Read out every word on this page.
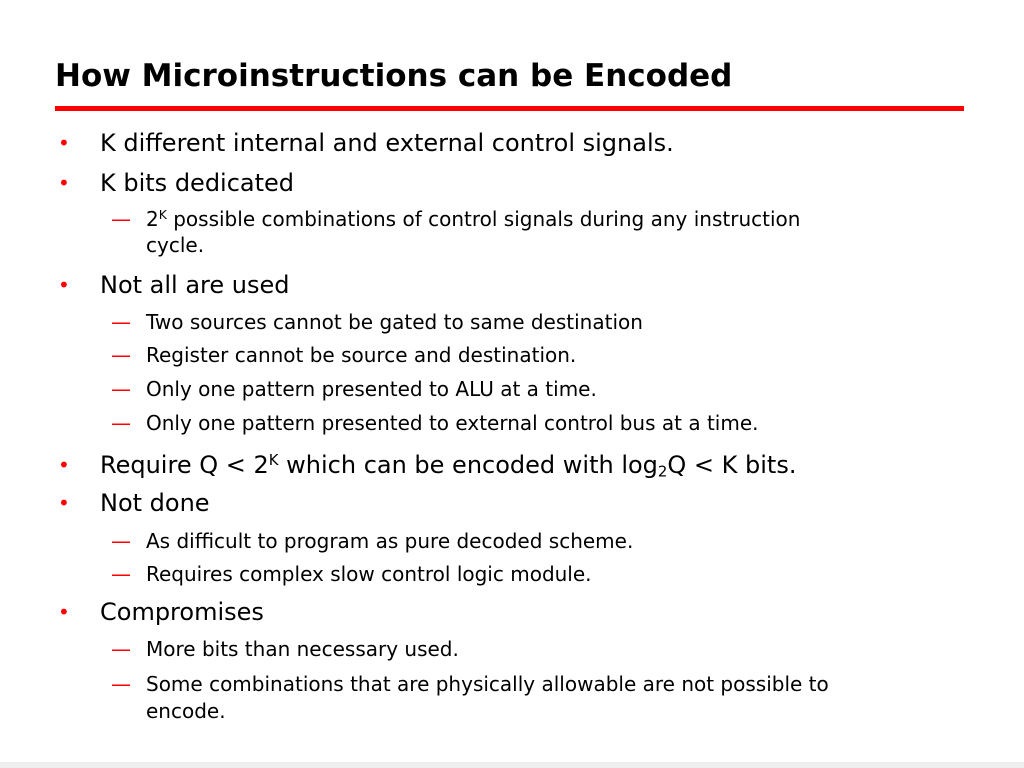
How Microinstructions can be Encoded
• K different internal and external control signals.
• K bits dedicated
— $2^K$ possible combinations of control signals during any instruction
cycle.
• Not all are used
— Two sources cannot be gated to same destination
— Register cannot be source and destination.
— Only one pattern presented to ALU at a time.
— Only one pattern presented to external control bus at a time.
• Require $Q < 2^K$ which can be encoded with $\log_2Q < K$ bits.
• Not done
— As difficult to program as pure decoded scheme.
— Requires complex slow control logic module.
• Compromises
— More bits than necessary used.
— Some combinations that are physically allowable are not possible to
encode.
